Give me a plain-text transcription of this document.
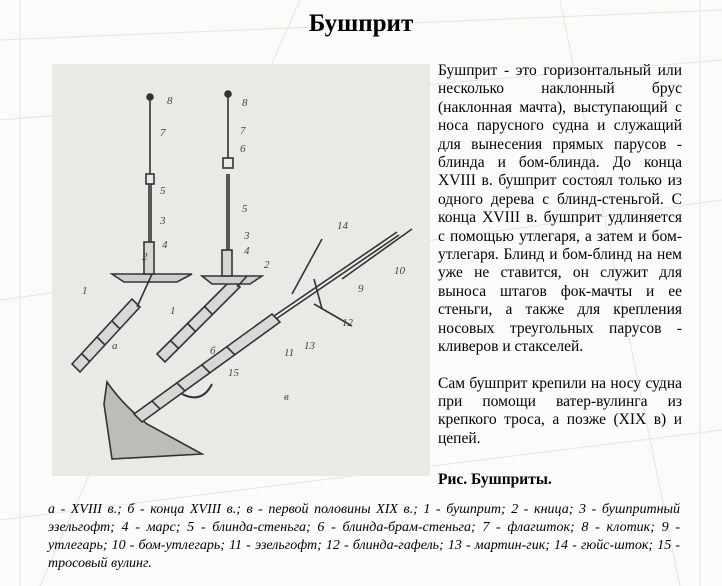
Бушприт
8
7
5
3
4
2
1
а
8
7
6
5
3
4
2
1
б
14
10
9
12
11
13
15
в

Бушприт - это горизонтальный или несколько наклонный брус (наклонная мачта), выступающий с носа парусного судна и служащий для вынесения прямых парусов - блинда и бом-блинда. До конца XVIII в. бушприт состоял только из одного дерева с блинд-стеньгой. С конца XVIII в. бушприт удлиняется с помощью утлегаря, а затем и бом-утлегаря. Блинд и бом-блинд на нем уже не ставится, он служит для выноса штагов фок-мачты и ее стеньги, а также для крепления носовых треугольных парусов - кливеров и стакселей.

Сам бушприт крепили на носу судна при помощи ватер-вулинга из крепкого троса, а позже (XIX в) и цепей.

Рис. Бушприты.
а - XVIII в.; б - конца XVIII в.; в - первой половины XIX в.; 1 - бушприт; 2 - кница; 3 - бушпритный эзельгофт; 4 - марс; 5 - блинда-стеньга; 6 - блинда-брам-стеньга; 7 - флагшток; 8 - клотик; 9 - утлегарь; 10 - бом-утлегарь; 11 - эзельгофт; 12 - блинда-гафель; 13 - мартин-гик; 14 - гюйс-шток; 15 - тросовый вулинг.
